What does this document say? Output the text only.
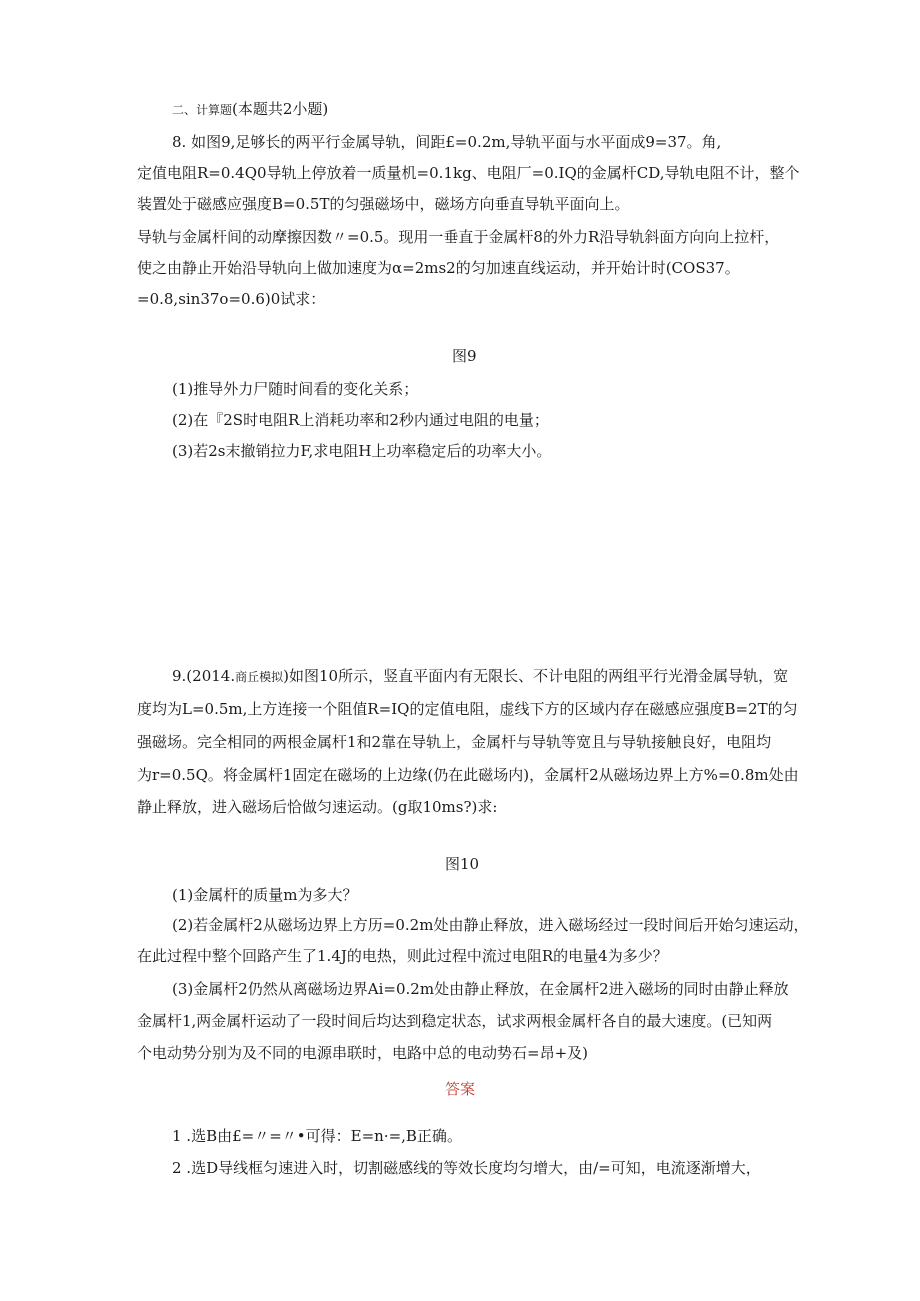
二、计算题(本题共2小题)
8. 如图9,足够长的两平行金属导轨，间距£=0.2m,导轨平面与水平面成9=37。角,
定值电阻R=0.4Q0导轨上停放着一质量机=0.1kg、电阻厂=0.IQ的金属杆CD,导轨电阻不计，整个
装置处于磁感应强度B=0.5T的匀强磁场中，磁场方向垂直导轨平面向上。
导轨与金属杆间的动摩擦因数〃=0.5。现用一垂直于金属杆8的外力R沿导轨斜面方向向上拉杆，
使之由静止开始沿导轨向上做加速度为α=2ms2的匀加速直线运动，并开始计时(COS37。
=0.8,sin37o=0.6)0试求：
图9
(1)推导外力尸随时间看的变化关系；
(2)在『2S时电阻R上消耗功率和2秒内通过电阻的电量；
(3)若2s末撤销拉力F,求电阻H上功率稳定后的功率大小。
9.(2014.商丘模拟)如图10所示，竖直平面内有无限长、不计电阻的两组平行光滑金属导轨，宽
度均为L=0.5m,上方连接一个阻值R=IQ的定值电阻，虚线下方的区域内存在磁感应强度B=2T的匀
强磁场。完全相同的两根金属杆1和2靠在导轨上，金属杆与导轨等宽且与导轨接触良好，电阻均
为r=0.5Q。将金属杆1固定在磁场的上边缘(仍在此磁场内)，金属杆2从磁场边界上方%=0.8m处由
静止释放，进入磁场后恰做匀速运动。(g取10ms?)求:
图10
(1)金属杆的质量m为多大？
(2)若金属杆2从磁场边界上方历=0.2m处由静止释放，进入磁场经过一段时间后开始匀速运动，
在此过程中整个回路产生了1.4J的电热，则此过程中流过电阻R的电量4为多少？
(3)金属杆2仍然从离磁场边界Ai=0.2m处由静止释放，在金属杆2进入磁场的同时由静止释放
金属杆1,两金属杆运动了一段时间后均达到稳定状态，试求两根金属杆各自的最大速度。(已知两
个电动势分别为及不同的电源串联时，电路中总的电动势石=昂+及)
答案
1 .选B由£=〃=〃•可得：E=n·=,B正确。
2 .选D导线框匀速进入时，切割磁感线的等效长度均匀增大，由/=可知，电流逐渐增大，
